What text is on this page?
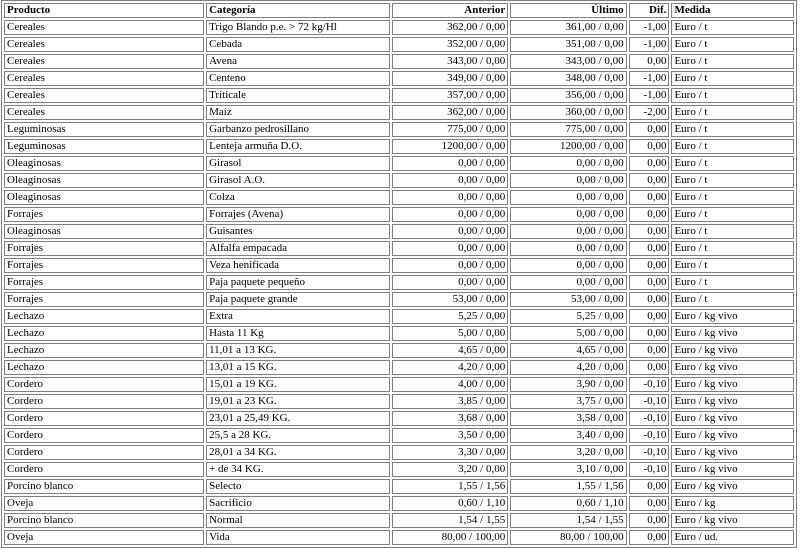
Producto	Categoría	Anterior	Último	Dif.	Medida
Cereales	Trigo Blando p.e. > 72 kg/Hl	362,00 / 0,00	361,00 / 0,00	-1,00	Euro / t
Cereales	Cebada	352,00 / 0,00	351,00 / 0,00	-1,00	Euro / t
Cereales	Avena	343,00 / 0,00	343,00 / 0,00	0,00	Euro / t
Cereales	Centeno	349,00 / 0,00	348,00 / 0,00	-1,00	Euro / t
Cereales	Triticale	357,00 / 0,00	356,00 / 0,00	-1,00	Euro / t
Cereales	Maíz	362,00 / 0,00	360,00 / 0,00	-2,00	Euro / t
Leguminosas	Garbanzo pedrosillano	775,00 / 0,00	775,00 / 0,00	0,00	Euro / t
Leguminosas	Lenteja armuña D.O.	1200,00 / 0,00	1200,00 / 0,00	0,00	Euro / t
Oleaginosas	Girasol	0,00 / 0,00	0,00 / 0,00	0,00	Euro / t
Oleaginosas	Girasol A.O.	0,00 / 0,00	0,00 / 0,00	0,00	Euro / t
Oleaginosas	Colza	0,00 / 0,00	0,00 / 0,00	0,00	Euro / t
Forrajes	Forrajes (Avena)	0,00 / 0,00	0,00 / 0,00	0,00	Euro / t
Oleaginosas	Guisantes	0,00 / 0,00	0,00 / 0,00	0,00	Euro / t
Forrajes	Alfalfa empacada	0,00 / 0,00	0,00 / 0,00	0,00	Euro / t
Forrajes	Veza henificada	0,00 / 0,00	0,00 / 0,00	0,00	Euro / t
Forrajes	Paja paquete pequeño	0,00 / 0,00	0,00 / 0,00	0,00	Euro / t
Forrajes	Paja paquete grande	53,00 / 0,00	53,00 / 0,00	0,00	Euro / t
Lechazo	Extra	5,25 / 0,00	5,25 / 0,00	0,00	Euro / kg vivo
Lechazo	Hasta 11 Kg	5,00 / 0,00	5,00 / 0,00	0,00	Euro / kg vivo
Lechazo	11,01 a 13 KG.	4,65 / 0,00	4,65 / 0,00	0,00	Euro / kg vivo
Lechazo	13,01 a 15 KG.	4,20 / 0,00	4,20 / 0,00	0,00	Euro / kg vivo
Cordero	15,01 a 19 KG.	4,00 / 0,00	3,90 / 0,00	-0,10	Euro / kg vivo
Cordero	19,01 a 23 KG.	3,85 / 0,00	3,75 / 0,00	-0,10	Euro / kg vivo
Cordero	23,01 a 25,49 KG.	3,68 / 0,00	3,58 / 0,00	-0,10	Euro / kg vivo
Cordero	25,5 a 28 KG.	3,50 / 0,00	3,40 / 0,00	-0,10	Euro / kg vivo
Cordero	28,01 a 34 KG.	3,30 / 0,00	3,20 / 0,00	-0,10	Euro / kg vivo
Cordero	+ de 34 KG.	3,20 / 0,00	3,10 / 0,00	-0,10	Euro / kg vivo
Porcino blanco	Selecto	1,55 / 1,56	1,55 / 1,56	0,00	Euro / kg vivo
Oveja	Sacrificio	0,60 / 1,10	0,60 / 1,10	0,00	Euro / kg
Porcino blanco	Normal	1,54 / 1,55	1,54 / 1,55	0,00	Euro / kg vivo
Oveja	Vida	80,00 / 100,00	80,00 / 100,00	0,00	Euro / ud.
